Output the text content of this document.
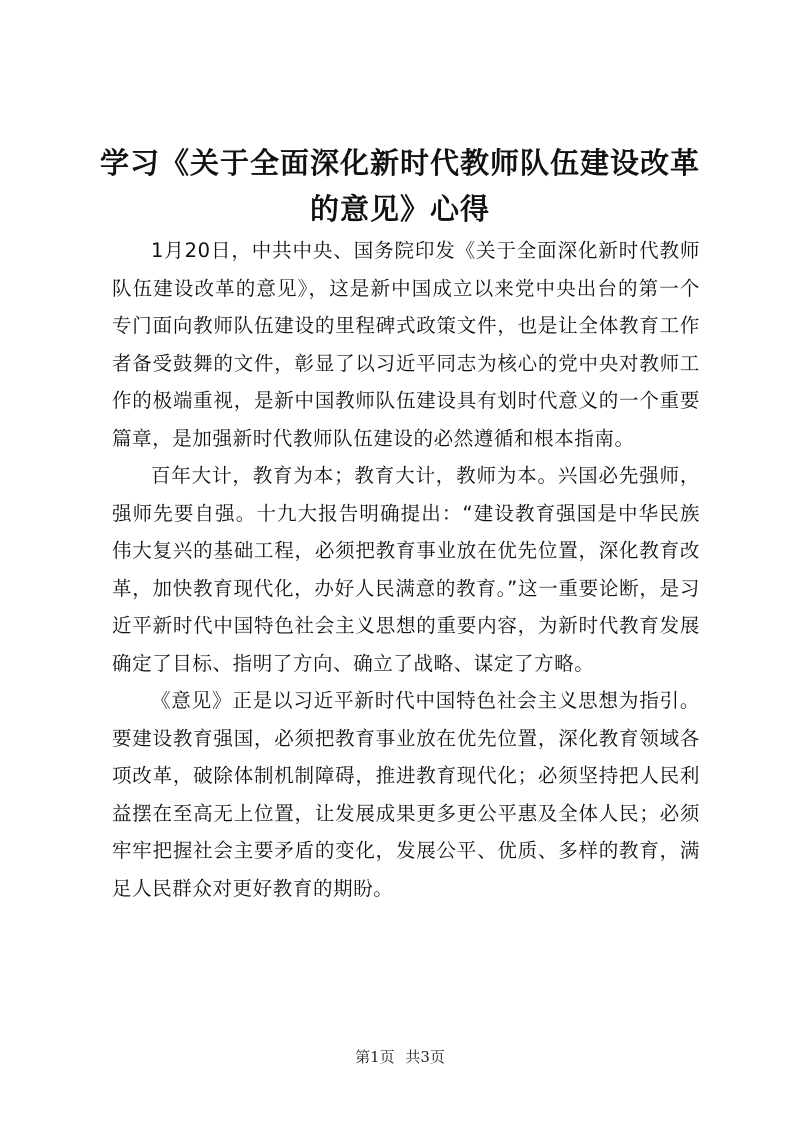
学习《关于全面深化新时代教师队伍建设改革
的意见》心得

1月20日，中共中央、国务院印发《关于全面深化新时代教师队伍建设改革的意见》，这是新中国成立以来党中央出台的第一个专门面向教师队伍建设的里程碑式政策文件，也是让全体教育工作者备受鼓舞的文件，彰显了以习近平同志为核心的党中央对教师工作的极端重视，是新中国教师队伍建设具有划时代意义的一个重要篇章，是加强新时代教师队伍建设的必然遵循和根本指南。

百年大计，教育为本；教育大计，教师为本。兴国必先强师，强师先要自强。十九大报告明确提出：“建设教育强国是中华民族伟大复兴的基础工程，必须把教育事业放在优先位置，深化教育改革，加快教育现代化，办好人民满意的教育。”这一重要论断，是习近平新时代中国特色社会主义思想的重要内容，为新时代教育发展确定了目标、指明了方向、确立了战略、谋定了方略。

《意见》正是以习近平新时代中国特色社会主义思想为指引。要建设教育强国，必须把教育事业放在优先位置，深化教育领域各项改革，破除体制机制障碍，推进教育现代化；必须坚持把人民利益摆在至高无上位置，让发展成果更多更公平惠及全体人民；必须牢牢把握社会主要矛盾的变化，发展公平、优质、多样的教育，满足人民群众对更好教育的期盼。

第1页 共3页
